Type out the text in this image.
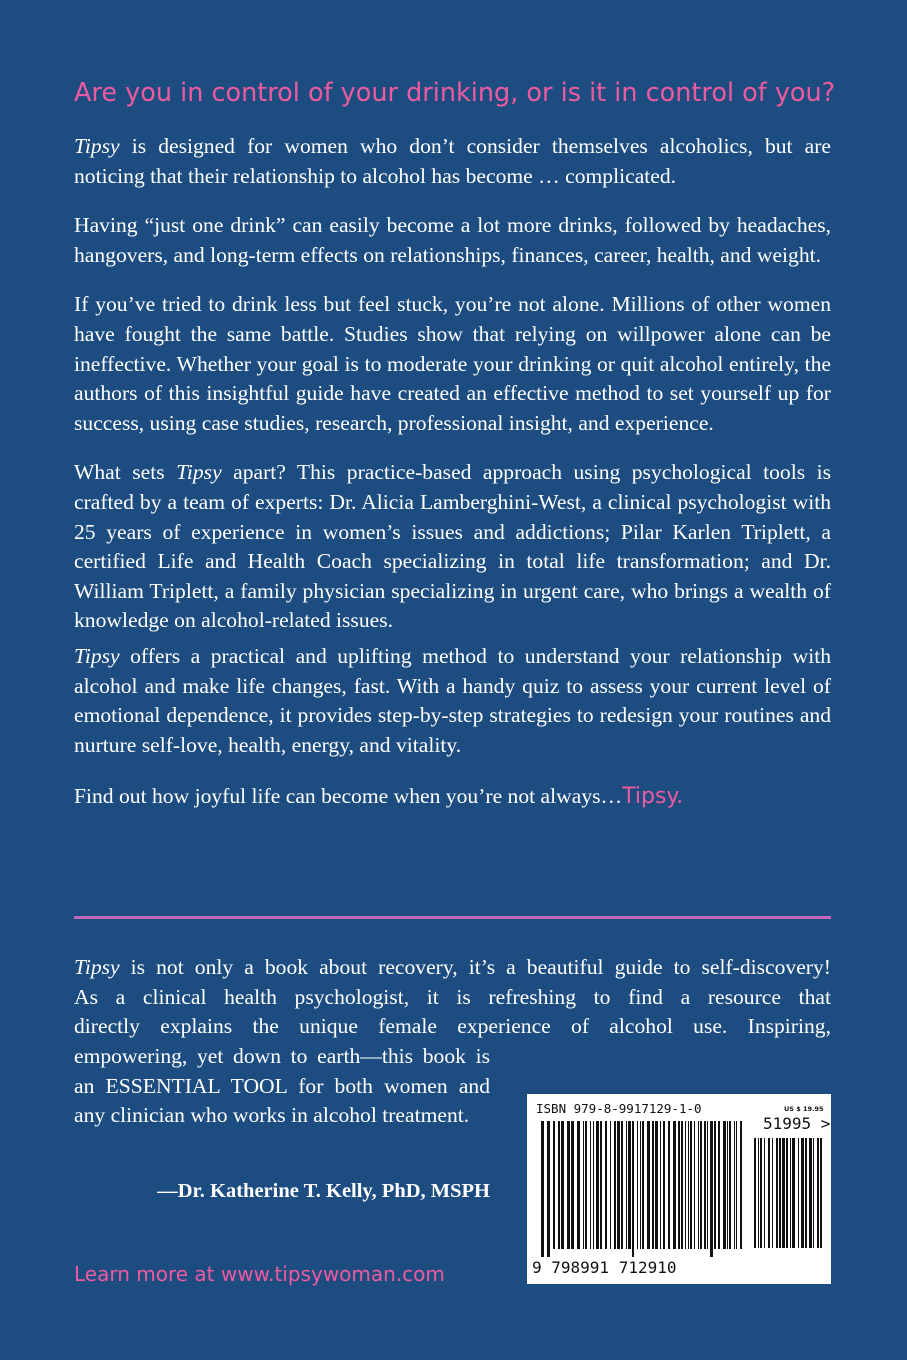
Are you in control of your drinking, or is it in control of you?

Tipsy is designed for women who don’t consider themselves alcoholics, but are noticing that their relationship to alcohol has become … complicated.

Having “just one drink” can easily become a lot more drinks, followed by headaches, hangovers, and long-term effects on relationships, finances, career, health, and weight.

If you’ve tried to drink less but feel stuck, you’re not alone. Millions of other women have fought the same battle. Studies show that relying on willpower alone can be ineffective. Whether your goal is to moderate your drinking or quit alcohol entirely, the authors of this insightful guide have created an effective method to set yourself up for success, using case studies, research, professional insight, and experience.

What sets Tipsy apart? This practice-based approach using psychological tools is crafted by a team of experts: Dr. Alicia Lamberghini-West, a clinical psychologist with 25 years of experience in women’s issues and addictions; Pilar Karlen Triplett, a certified Life and Health Coach specializing in total life transformation; and Dr. William Triplett, a family physician specializing in urgent care, who brings a wealth of knowledge on alcohol-related issues.

Tipsy offers a practical and uplifting method to understand your relationship with alcohol and make life changes, fast. With a handy quiz to assess your current level of emotional dependence, it provides step-by-step strategies to redesign your routines and nurture self-love, health, energy, and vitality.

Find out how joyful life can become when you’re not always…Tipsy.

Tipsy is not only a book about recovery, it’s a beautiful guide to self-discovery!
As a clinical health psychologist, it is refreshing to find a resource that
directly explains the unique female experience of alcohol use. Inspiring,

empowering, yet down to earth—this book is an ESSENTIAL TOOL for both women and any clinician who works in alcohol treatment.

—Dr. Katherine T. Kelly, PhD, MSPH

Learn more at www.tipsywoman.com

ISBN 979-8-9917129-1-0	US $ 19.95
51995 >
9 798991 712910
